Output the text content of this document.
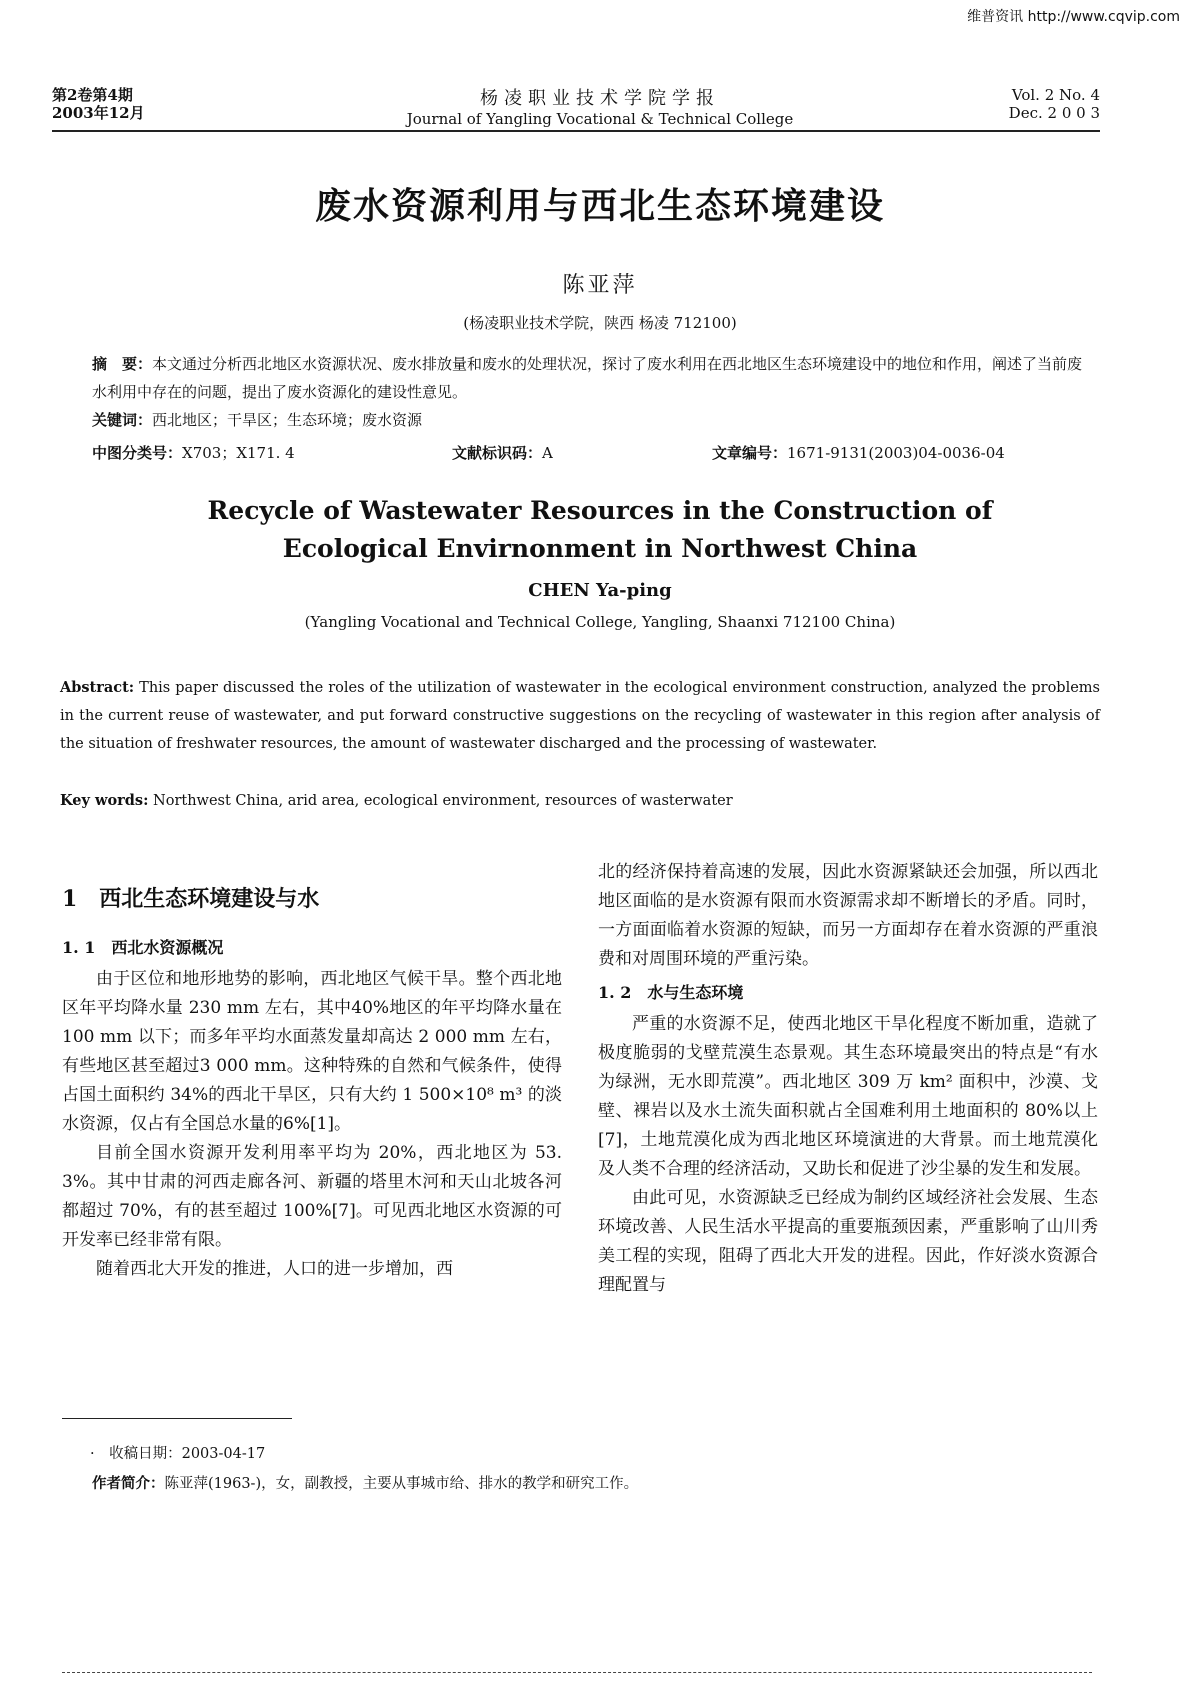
维普资讯 http://www.cqvip.com
第2卷第4期
2003年12月
杨凌职业技术学院学报
Journal of Yangling Vocational & Technical College
Vol. 2 No. 4
Dec. 2 0 0 3
废水资源利用与西北生态环境建设
陈亚萍
(杨凌职业技术学院，陕西 杨凌 712100)
摘　要：本文通过分析西北地区水资源状况、废水排放量和废水的处理状况，探讨了废水利用在西北地区生态环境建设中的地位和作用，阐述了当前废水利用中存在的问题，提出了废水资源化的建设性意见。
关键词：西北地区；干旱区；生态环境；废水资源
中图分类号：X703；X171. 4	文献标识码：A	文章编号：1671-9131(2003)04-0036-04
Recycle of Wastewater Resources in the Construction of
Ecological Envirnonment in Northwest China
CHEN Ya-ping
(Yangling Vocational and Technical College, Yangling, Shaanxi 712100 China)
Abstract: This paper discussed the roles of the utilization of wastewater in the ecological environment construction, analyzed the problems in the current reuse of wastewater, and put forward constructive suggestions on the recycling of wastewater in this region after analysis of the situation of freshwater resources, the amount of wastewater discharged and the processing of wastewater.
Key words: Northwest China, arid area, ecological environment, resources of wasterwater
1　西北生态环境建设与水
1. 1　西北水资源概况

由于区位和地形地势的影响，西北地区气候干旱。整个西北地区年平均降水量 230 mm 左右，其中40%地区的年平均降水量在 100 mm 以下；而多年平均水面蒸发量却高达 2 000 mm 左右，有些地区甚至超过3 000 mm。这种特殊的自然和气候条件，使得占国土面积约 34%的西北干旱区，只有大约 1 500×10⁸ m³ 的淡水资源，仅占有全国总水量的6%[1]。

目前全国水资源开发利用率平均为 20%，西北地区为 53. 3%。其中甘肃的河西走廊各河、新疆的塔里木河和天山北坡各河都超过 70%，有的甚至超过 100%[7]。可见西北地区水资源的可开发率已经非常有限。

随着西北大开发的推进，人口的进一步增加，西

北的经济保持着高速的发展，因此水资源紧缺还会加强，所以西北地区面临的是水资源有限而水资源需求却不断增长的矛盾。同时，一方面面临着水资源的短缺，而另一方面却存在着水资源的严重浪费和对周围环境的严重污染。

1. 2　水与生态环境

严重的水资源不足，使西北地区干旱化程度不断加重，造就了极度脆弱的戈壁荒漠生态景观。其生态环境最突出的特点是“有水为绿洲，无水即荒漠”。西北地区 309 万 km² 面积中，沙漠、戈壁、裸岩以及水土流失面积就占全国难利用土地面积的 80%以上[7]，土地荒漠化成为西北地区环境演进的大背景。而土地荒漠化及人类不合理的经济活动，又助长和促进了沙尘暴的发生和发展。

由此可见，水资源缺乏已经成为制约区域经济社会发展、生态环境改善、人民生活水平提高的重要瓶颈因素，严重影响了山川秀美工程的实现，阻碍了西北大开发的进程。因此，作好淡水资源合理配置与

·　收稿日期：2003-04-17
作者简介：陈亚萍(1963-)，女，副教授，主要从事城市给、排水的教学和研究工作。
